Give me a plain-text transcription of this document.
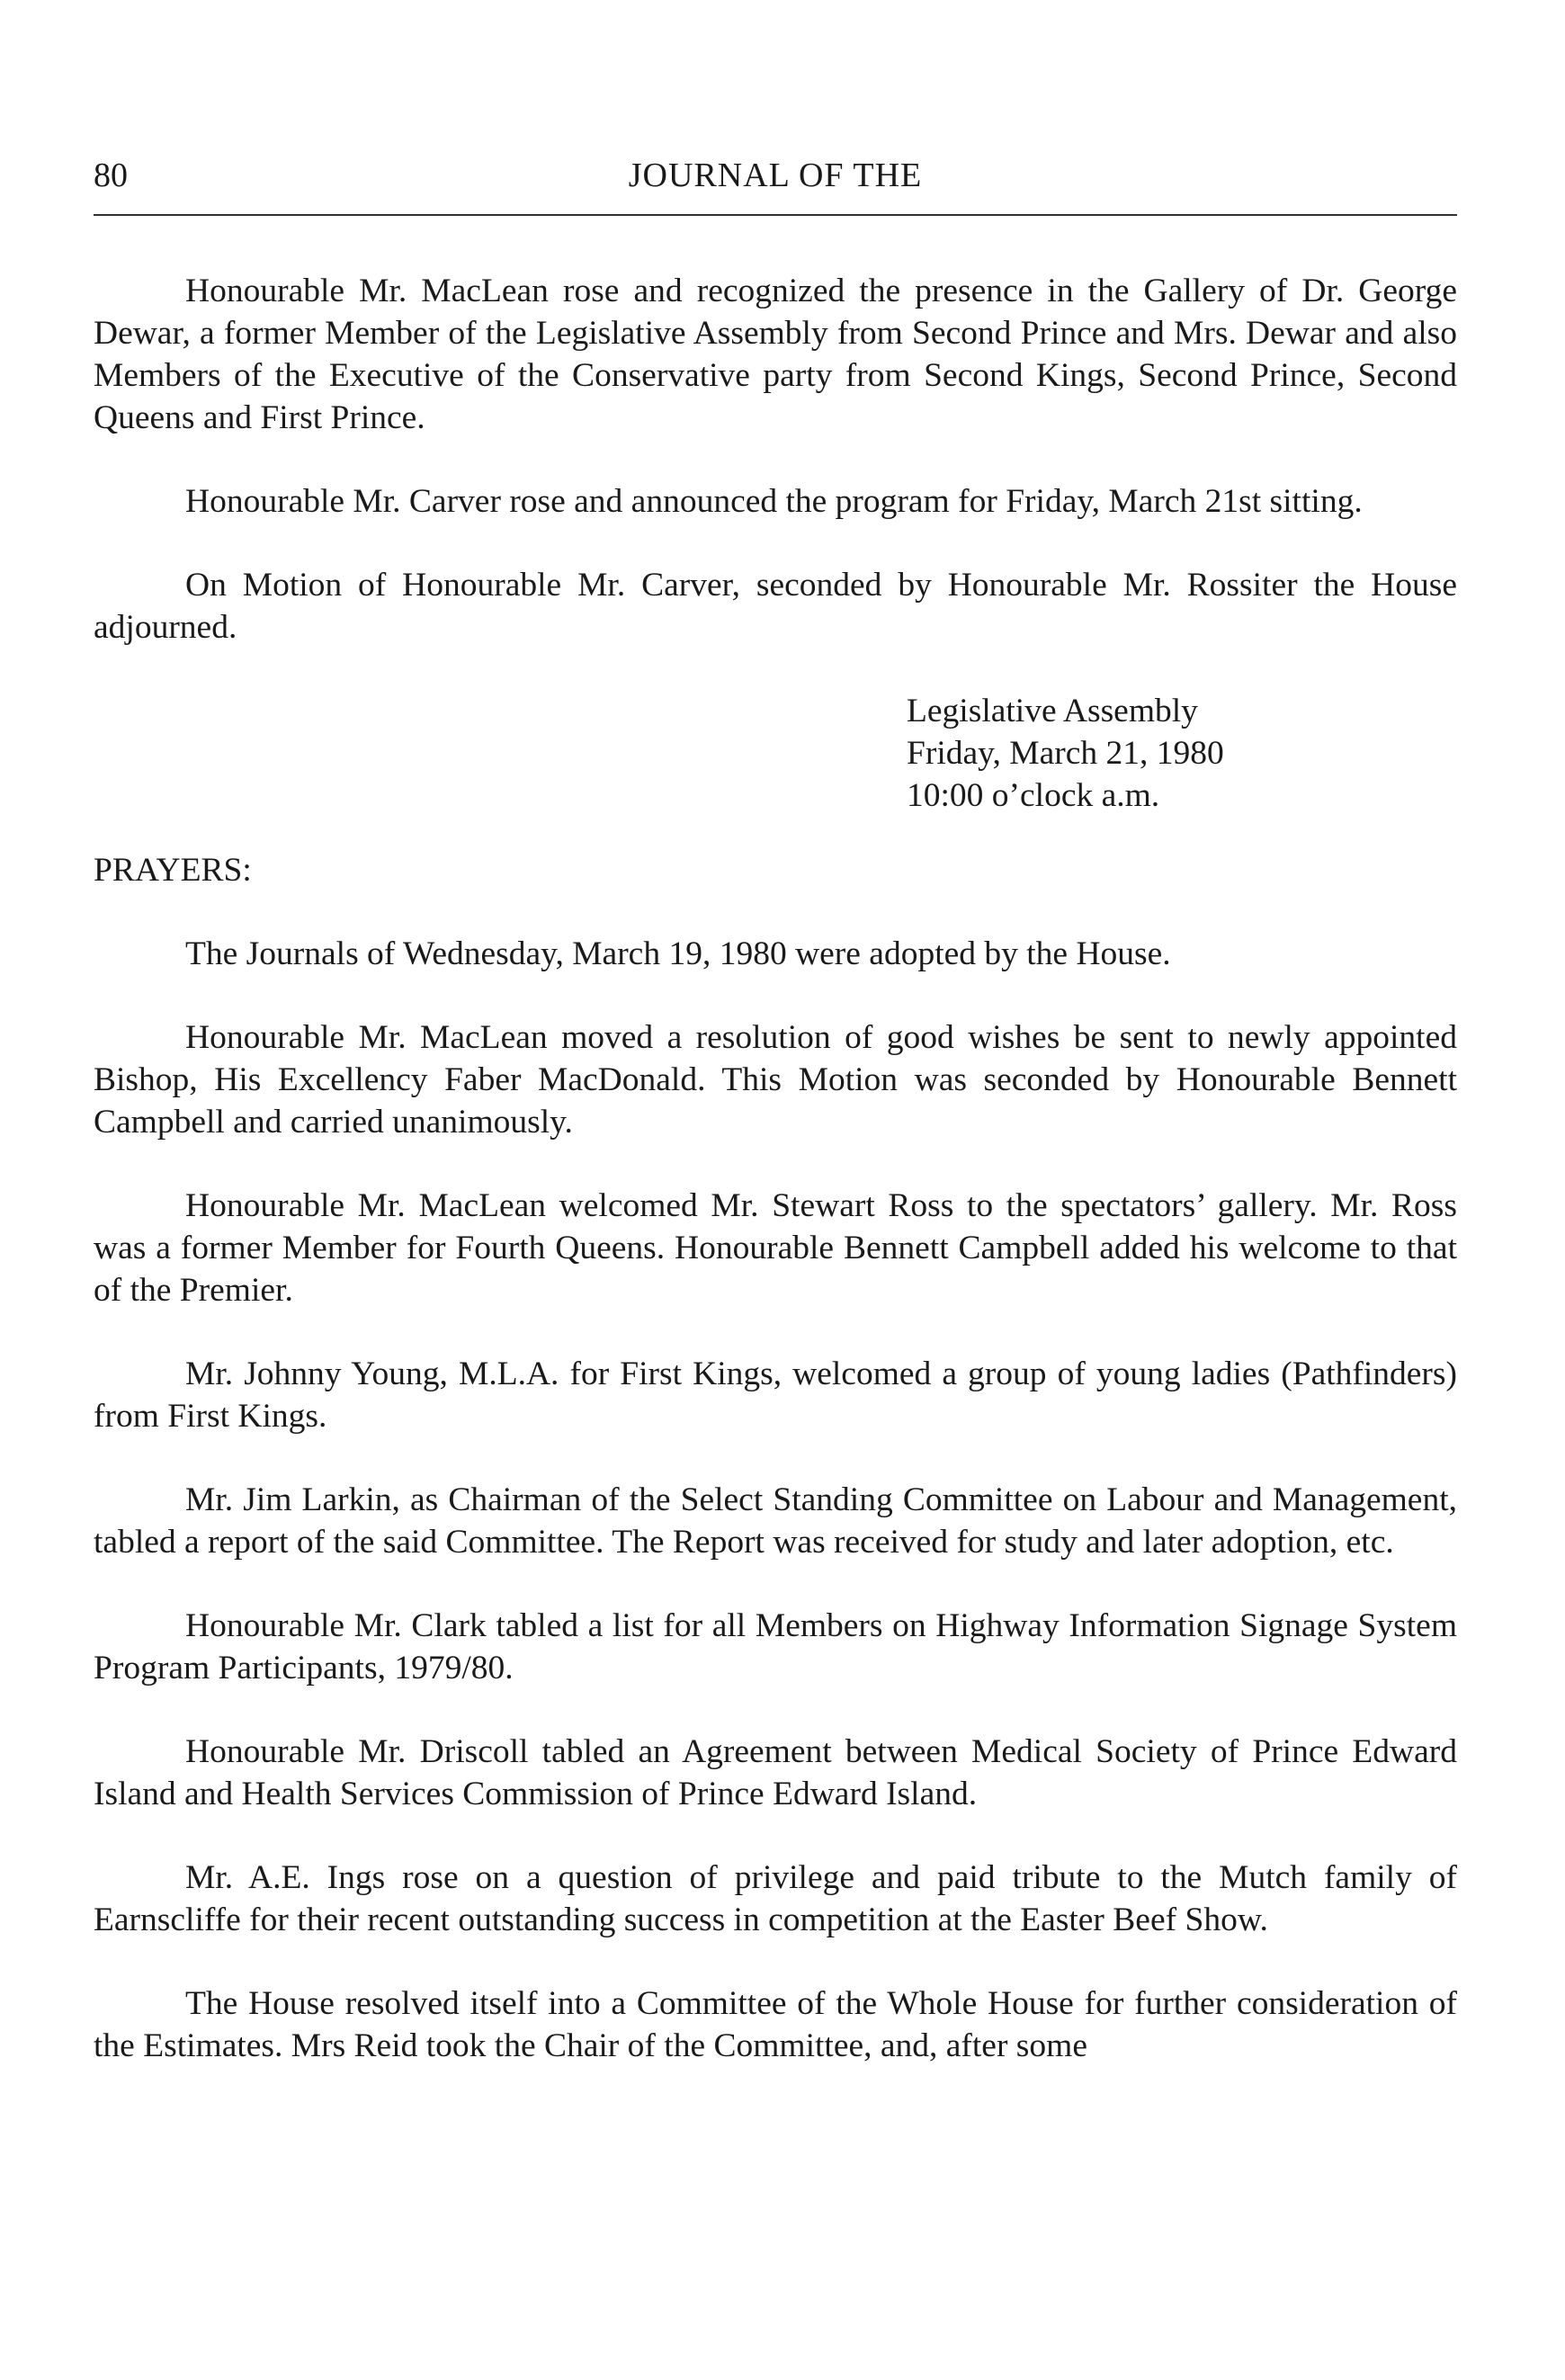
80	JOURNAL OF THE

Honourable Mr. MacLean rose and recognized the presence in the Gallery of Dr. George Dewar, a former Member of the Legislative Assembly from Second Prince and Mrs. Dewar and also Members of the Executive of the Conservative party from Second Kings, Second Prince, Second Queens and First Prince.

Honourable Mr. Carver rose and announced the program for Friday, March 21st sitting.

On Motion of Honourable Mr. Carver, seconded by Honourable Mr. Rossiter the House adjourned.

Legislative Assembly
Friday, March 21, 1980
10:00 o’clock a.m.
PRAYERS:

The Journals of Wednesday, March 19, 1980 were adopted by the House.

Honourable Mr. MacLean moved a resolution of good wishes be sent to newly appointed Bishop, His Excellency Faber MacDonald. This Motion was seconded by Honourable Bennett Campbell and carried unanimously.

Honourable Mr. MacLean welcomed Mr. Stewart Ross to the spectators’ gallery. Mr. Ross was a former Member for Fourth Queens. Honourable Bennett Campbell added his welcome to that of the Premier.

Mr. Johnny Young, M.L.A. for First Kings, welcomed a group of young ladies (Pathfinders) from First Kings.

Mr. Jim Larkin, as Chairman of the Select Standing Committee on Labour and Management, tabled a report of the said Committee. The Report was received for study and later adoption, etc.

Honourable Mr. Clark tabled a list for all Members on Highway Information Signage System Program Participants, 1979/80.

Honourable Mr. Driscoll tabled an Agreement between Medical Society of Prince Edward Island and Health Services Commission of Prince Edward Island.

Mr. A.E. Ings rose on a question of privilege and paid tribute to the Mutch family of Earnscliffe for their recent outstanding success in competition at the Easter Beef Show.

The House resolved itself into a Committee of the Whole House for further consideration of the Estimates. Mrs Reid took the Chair of the Committee, and, after some
